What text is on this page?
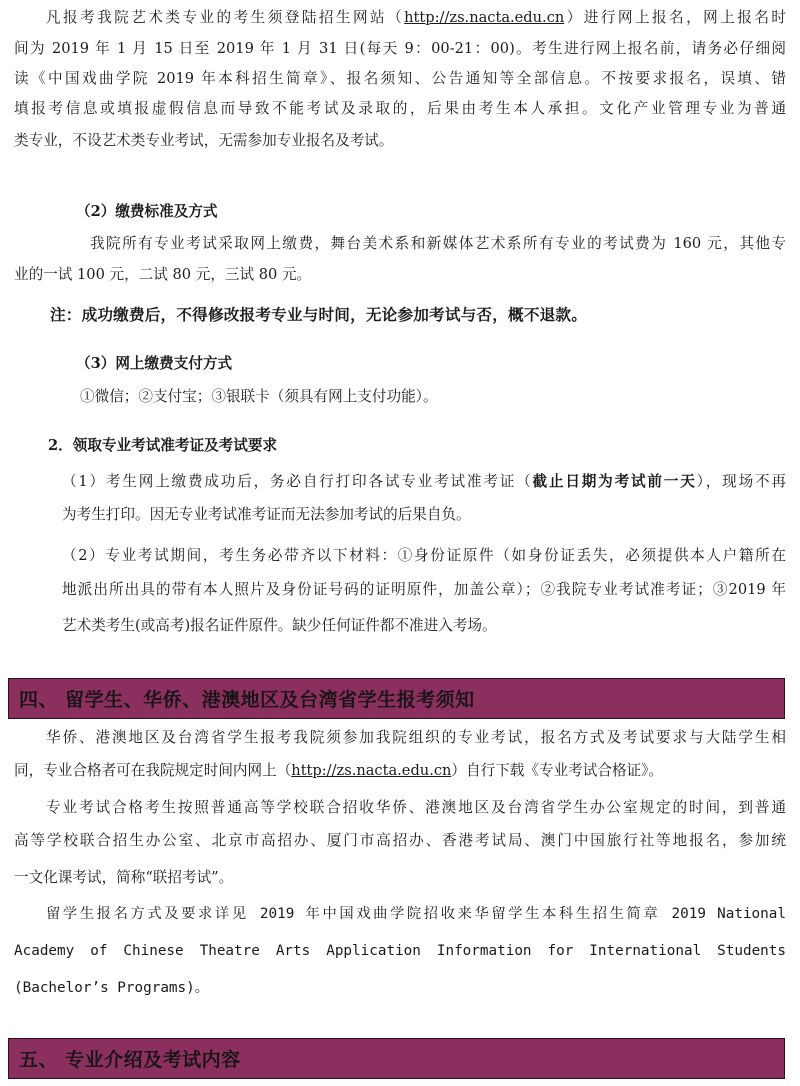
凡报考我院艺术类专业的考生须登陆招生网站（http://zs.nacta.edu.cn）进行网上报名，网上报名时

间为 2019 年 1 月 15 日至 2019 年 1 月 31 日(每天 9：00-21：00)。考生进行网上报名前，请务必仔细阅

读《中国戏曲学院 2019 年本科招生简章》、报名须知、公告通知等全部信息。不按要求报名，误填、错

填报考信息或填报虚假信息而导致不能考试及录取的，后果由考生本人承担。文化产业管理专业为普通

类专业，不设艺术类专业考试，无需参加专业报名及考试。

（2）缴费标准及方式

我院所有专业考试采取网上缴费，舞台美术系和新媒体艺术系所有专业的考试费为 160 元，其他专

业的一试 100 元，二试 80 元，三试 80 元。

注：成功缴费后，不得修改报考专业与时间，无论参加考试与否，概不退款。

（3）网上缴费支付方式

①微信；②支付宝；③银联卡（须具有网上支付功能）。

2．领取专业考试准考证及考试要求

（1）考生网上缴费成功后，务必自行打印各试专业考试准考证（截止日期为考试前一天），现场不再

为考生打印。因无专业考试准考证而无法参加考试的后果自负。

（2）专业考试期间，考生务必带齐以下材料：①身份证原件（如身份证丢失，必须提供本人户籍所在

地派出所出具的带有本人照片及身份证号码的证明原件，加盖公章）；②我院专业考试准考证；③2019 年

艺术类考生(或高考)报名证件原件。缺少任何证件都不准进入考场。

四、 留学生、华侨、港澳地区及台湾省学生报考须知

华侨、港澳地区及台湾省学生报考我院须参加我院组织的专业考试，报名方式及考试要求与大陆学生相

同，专业合格者可在我院规定时间内网上（http://zs.nacta.edu.cn）自行下载《专业考试合格证》。

专业考试合格考生按照普通高等学校联合招收华侨、港澳地区及台湾省学生办公室规定的时间，到普通

高等学校联合招生办公室、北京市高招办、厦门市高招办、香港考试局、澳门中国旅行社等地报名，参加统

一文化课考试，简称“联招考试”。

留学生报名方式及要求详见 2019 年中国戏曲学院招收来华留学生本科生招生简章 2019 National

Academy of Chinese Theatre Arts Application Information for International Students

(Bachelor’s Programs)。

五、 专业介绍及考试内容
